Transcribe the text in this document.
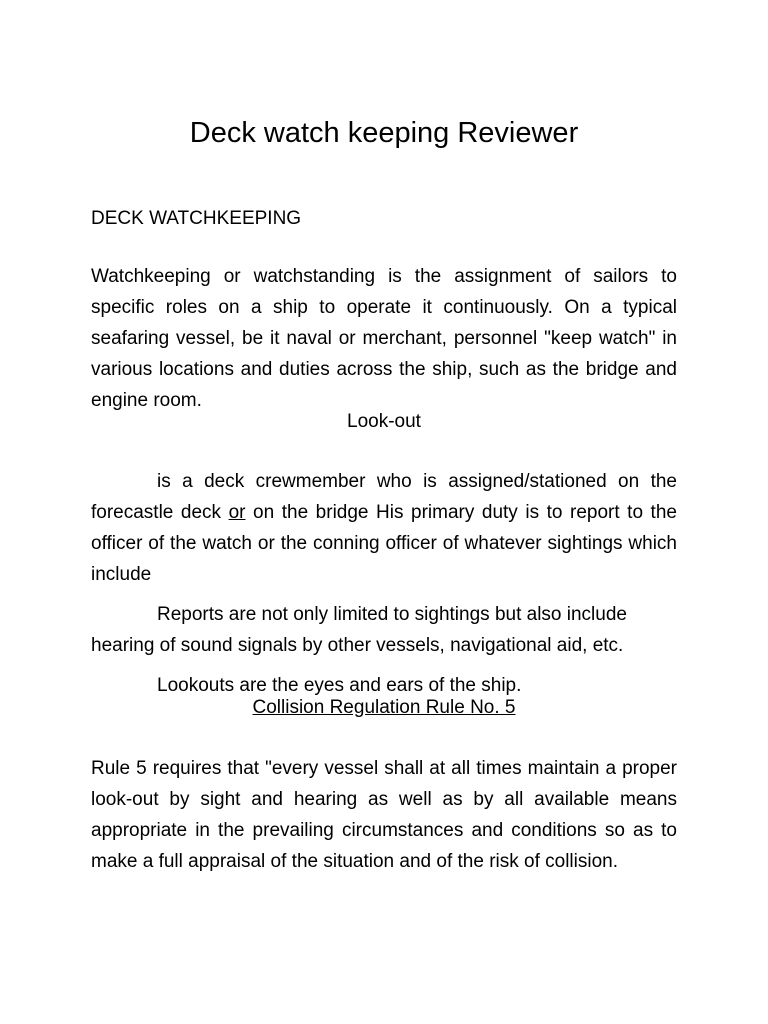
Deck watch keeping Reviewer
DECK WATCHKEEPING

Watchkeeping or watchstanding is the assignment of sailors to specific roles on a ship to operate it continuously. On a typical seafaring vessel, be it naval or merchant, personnel "keep watch" in various locations and duties across the ship, such as the bridge and engine room.

Look-out

is a deck crewmember who is assigned/stationed on the forecastle deck or on the bridge His primary duty is to report to the officer of the watch or the conning officer of whatever sightings which include

Reports are not only limited to sightings but also include hearing of sound signals by other vessels, navigational aid, etc.

Lookouts are the eyes and ears of the ship.

Collision Regulation Rule No. 5

Rule 5 requires that "every vessel shall at all times maintain a proper look-out by sight and hearing as well as by all available means appropriate in the prevailing circumstances and conditions so as to make a full appraisal of the situation and of the risk of collision.
